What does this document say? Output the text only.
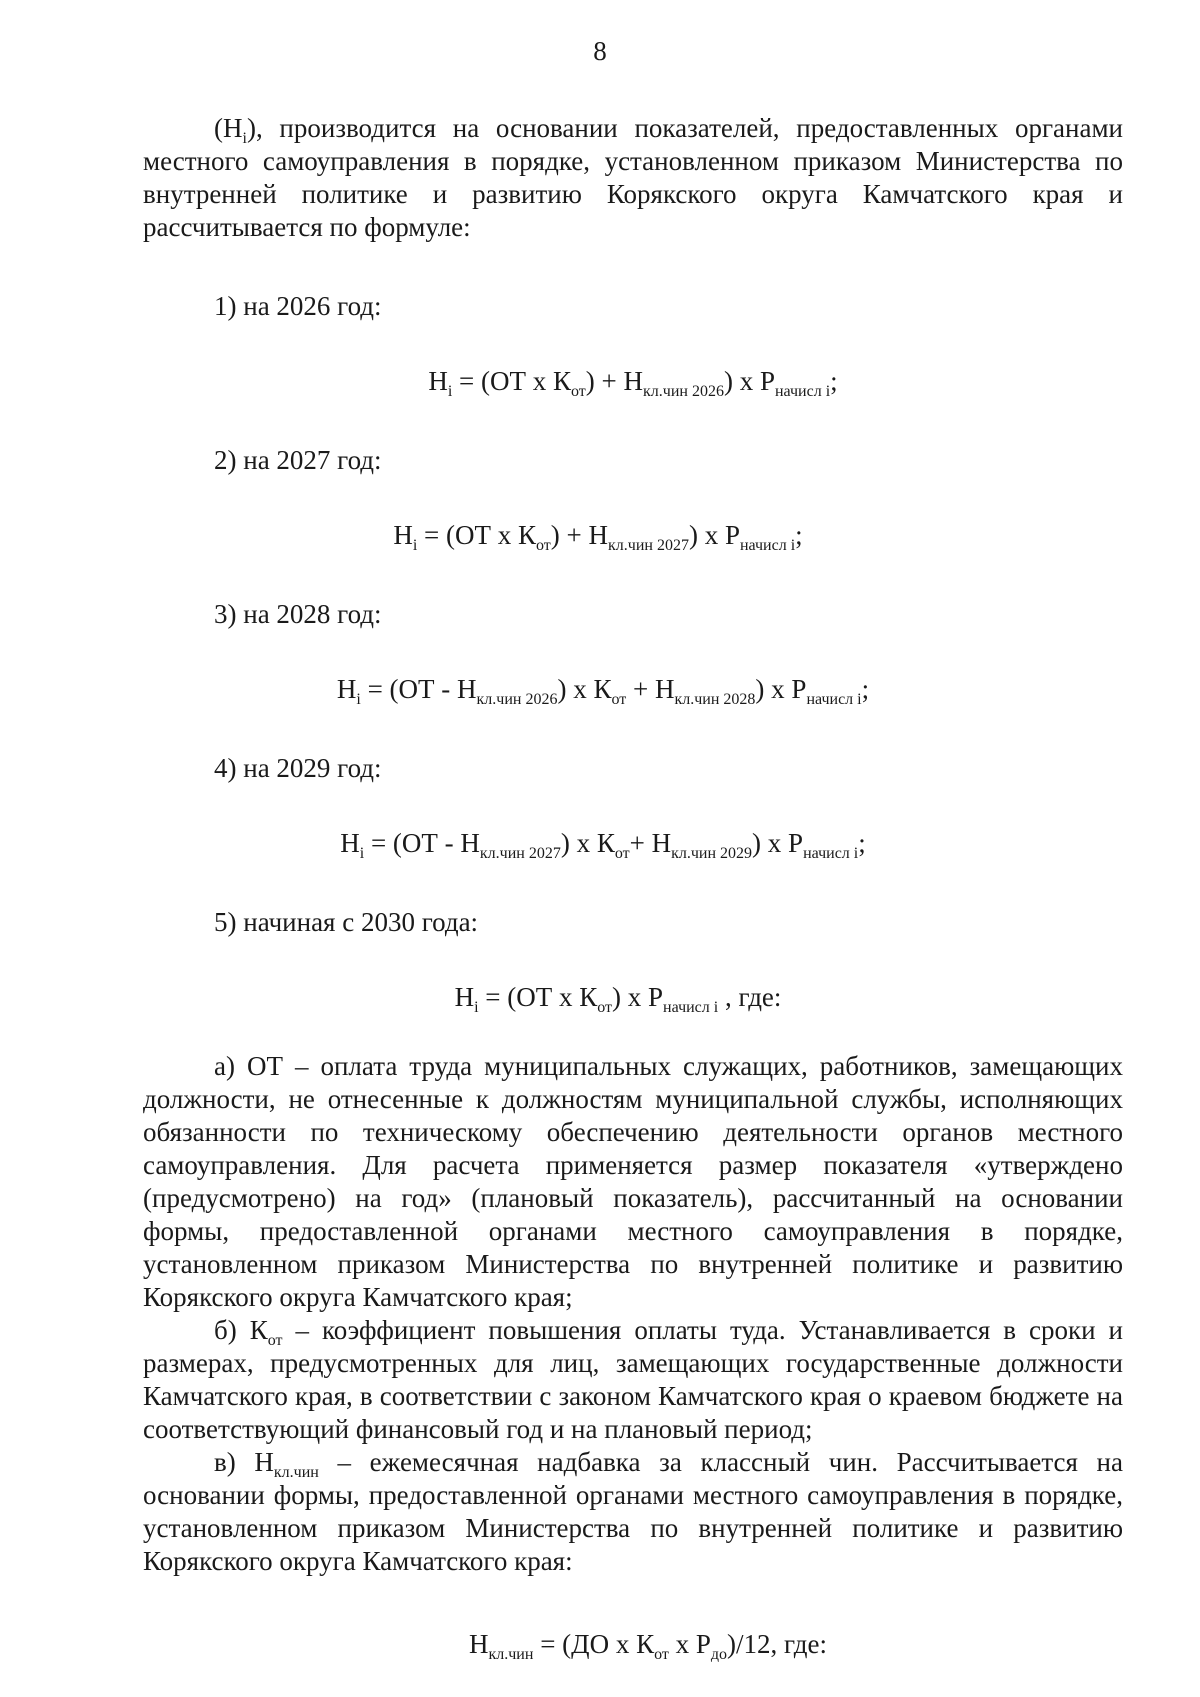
8

$(Н_i)$, производится на основании показателей, предоставленных органами местного самоуправления в порядке, установленном приказом Министерства по внутренней политике и развитию Корякского округа Камчатского края и рассчитывается по формуле:

1) на 2026 год:

$Н_i = (ОТ$ х $К_{от}) + Н_{кл.чин 2026}$) х $Р_{начисл i}$;

2) на 2027 год:

$Н_i = (ОТ$ х $К_{от}) + Н_{кл.чин 2027}$) х $Р_{начисл i}$;

3) на 2028 год:

$Н_i = (ОТ - Н_{кл.чин 2026})$ х $К_{от} + Н_{кл.чин 2028}$) х $Р_{начисл i}$;

4) на 2029 год:

$Н_i = (ОТ - Н_{кл.чин 2027})$ х $К_{от}+ Н_{кл.чин 2029}$) х $Р_{начисл i}$;

5) начиная с 2030 года:

$Н_i = (ОТ$ х $К_{от}$) х $Р_{начисл i}$ , где:

а) ОТ – оплата труда муниципальных служащих, работников, замещающих должности, не отнесенные к должностям муниципальной службы, исполняющих обязанности по техническому обеспечению деятельности органов местного самоуправления. Для расчета применяется размер показателя «утверждено (предусмотрено) на год» (плановый показатель), рассчитанный на основании формы, предоставленной органами местного самоуправления в порядке, установленном приказом Министерства по внутренней политике и развитию Корякского округа Камчатского края;

б) $К_{от}$ – коэффициент повышения оплаты туда. Устанавливается в сроки и размерах, предусмотренных для лиц, замещающих государственные должности Камчатского края, в соответствии с законом Камчатского края о краевом бюджете на соответствующий финансовый год и на плановый период;

в) $Н_{кл.чин}$ – ежемесячная надбавка за классный чин. Рассчитывается на основании формы, предоставленной органами местного самоуправления в порядке, установленном приказом Министерства по внутренней политике и развитию Корякского округа Камчатского края:

$Н_{кл.чин} = (ДО$ х $К_{от}$ х $Р_{до})/12$, где:
